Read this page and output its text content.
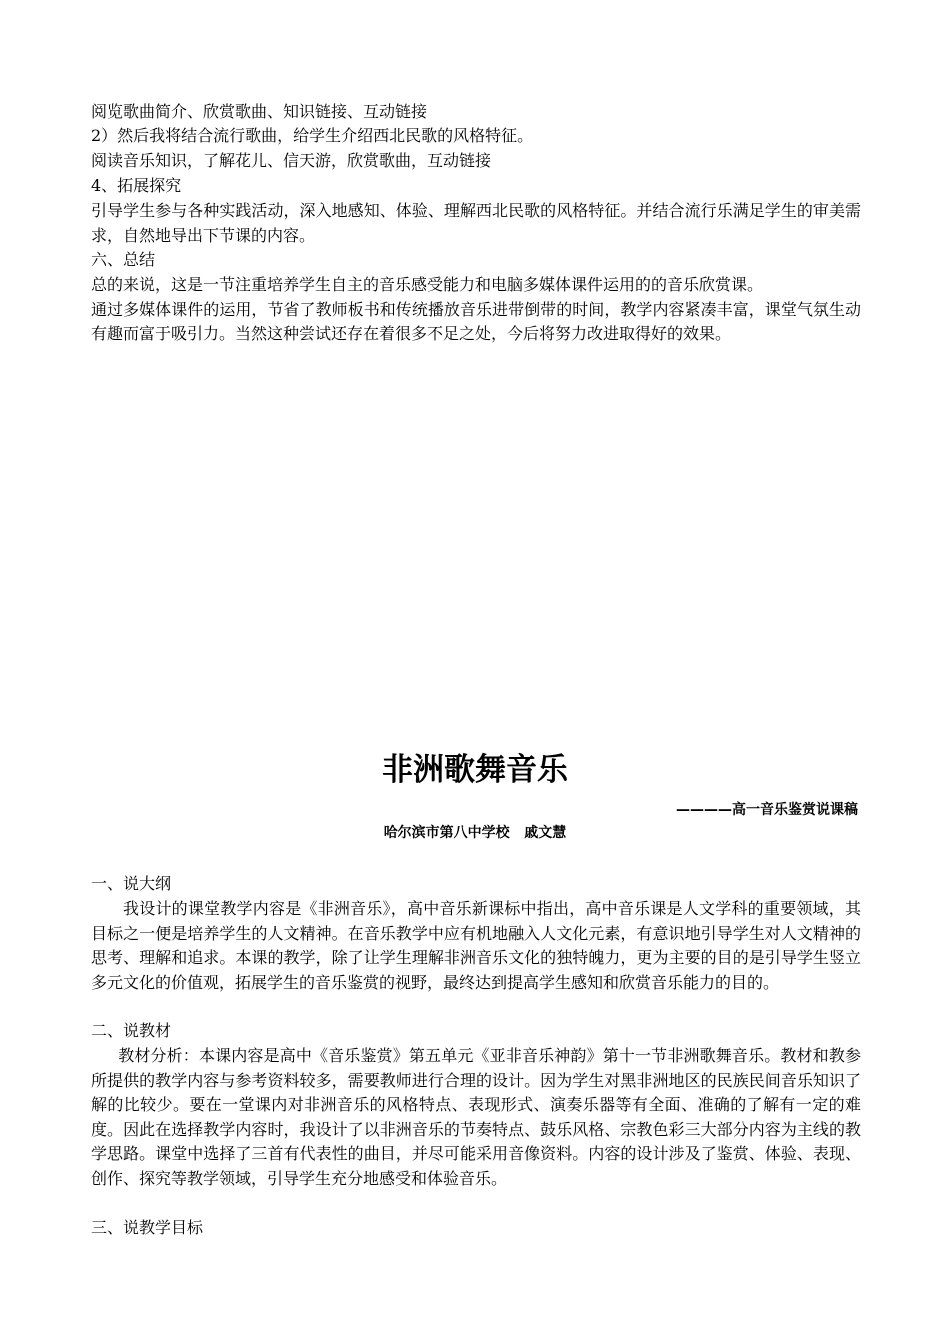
阅览歌曲简介、欣赏歌曲、知识链接、互动链接
2）然后我将结合流行歌曲，给学生介绍西北民歌的风格特征。
阅读音乐知识，了解花儿、信天游，欣赏歌曲，互动链接
4、拓展探究

引导学生参与各种实践活动，深入地感知、体验、理解西北民歌的风格特征。并结合流行乐满足学生的审美需求，自然地导出下节课的内容。

六、总结

总的来说，这是一节注重培养学生自主的音乐感受能力和电脑多媒体课件运用的的音乐欣赏课。

通过多媒体课件的运用，节省了教师板书和传统播放音乐进带倒带的时间，教学内容紧凑丰富，课堂气氛生动有趣而富于吸引力。当然这种尝试还存在着很多不足之处，今后将努力改进取得好的效果。

非洲歌舞音乐
————高一音乐鉴赏说课稿
哈尔滨市第八中学校   戚文慧
一、说大纲

我设计的课堂教学内容是《非洲音乐》，高中音乐新课标中指出，高中音乐课是人文学科的重要领域，其目标之一便是培养学生的人文精神。在音乐教学中应有机地融入人文化元素，有意识地引导学生对人文精神的思考、理解和追求。本课的教学，除了让学生理解非洲音乐文化的独特魄力，更为主要的目的是引导学生竖立多元文化的价值观，拓展学生的音乐鉴赏的视野，最终达到提高学生感知和欣赏音乐能力的目的。

二、说教材

教材分析：本课内容是高中《音乐鉴赏》第五单元《亚非音乐神韵》第十一节非洲歌舞音乐。教材和教参所提供的教学内容与参考资料较多，需要教师进行合理的设计。因为学生对黑非洲地区的民族民间音乐知识了解的比较少。要在一堂课内对非洲音乐的风格特点、表现形式、演奏乐器等有全面、准确的了解有一定的难度。因此在选择教学内容时，我设计了以非洲音乐的节奏特点、鼓乐风格、宗教色彩三大部分内容为主线的教学思路。课堂中选择了三首有代表性的曲目，并尽可能采用音像资料。内容的设计涉及了鉴赏、体验、表现、创作、探究等教学领域，引导学生充分地感受和体验音乐。

三、说教学目标
